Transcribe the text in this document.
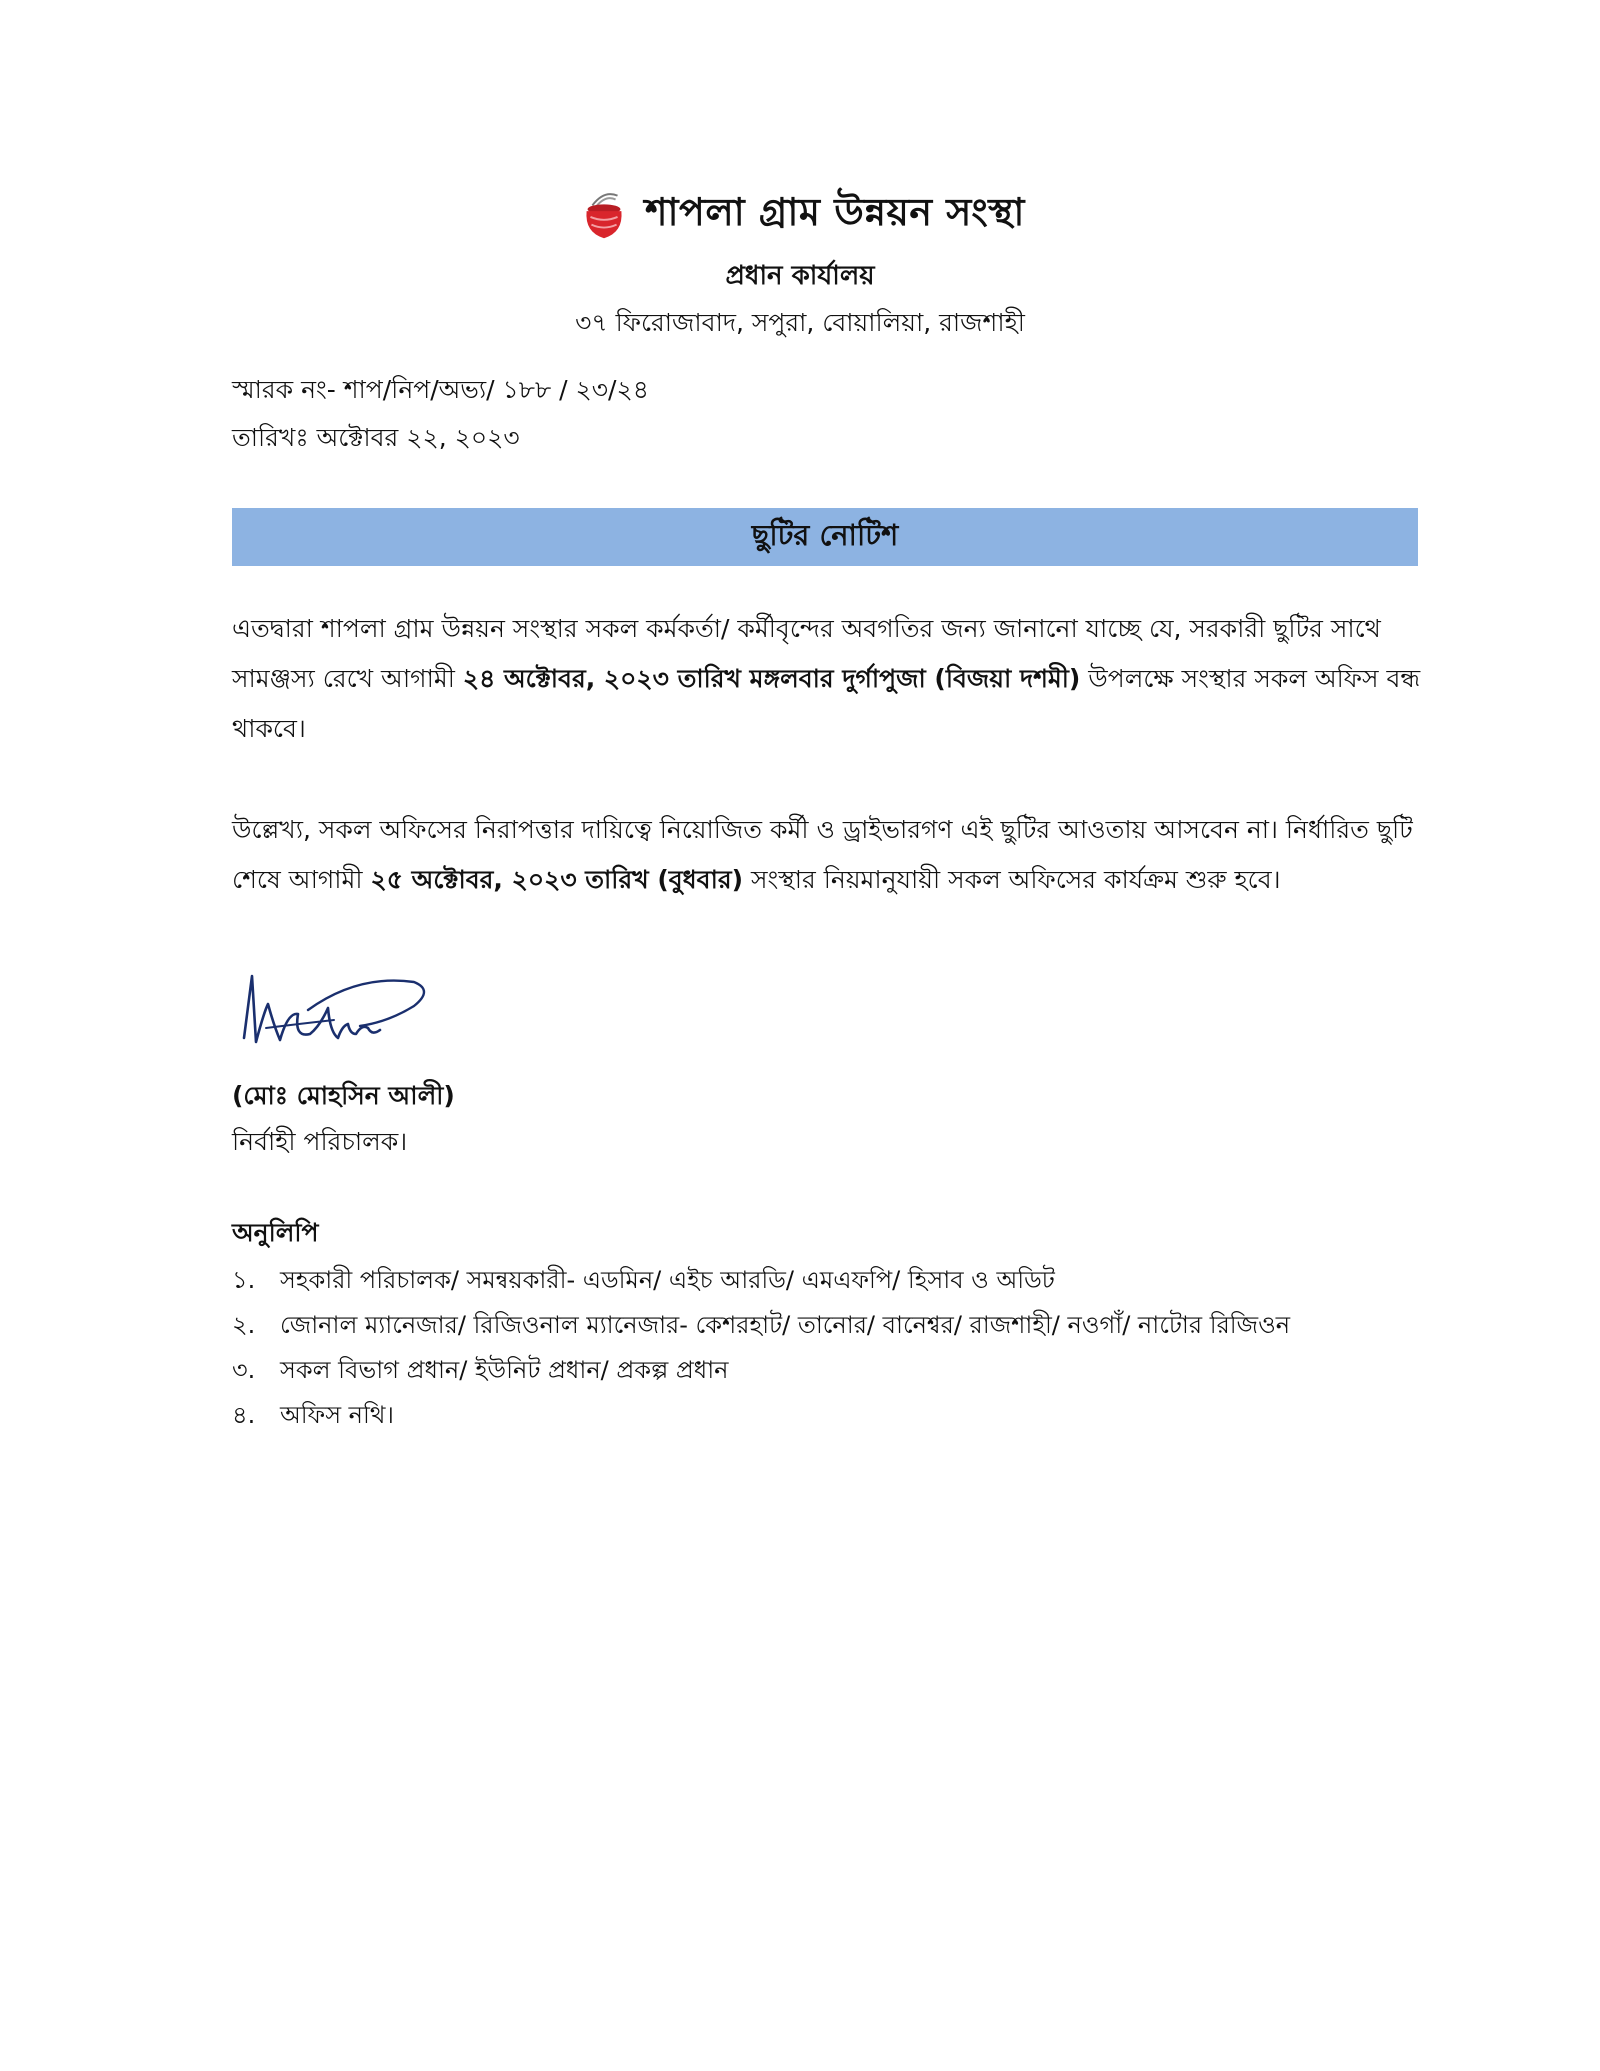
শাপলা গ্রাম উন্নয়ন সংস্থা
প্রধান কার্যালয়
৩৭ ফিরোজাবাদ, সপুরা, বোয়ালিয়া, রাজশাহী
স্মারক নং- শাপ/নিপ/অভ্য/ ১৮৮ / ২৩/২৪
তারিখঃ অক্টোবর ২২, ২০২৩
ছুটির নোটিশ
এতদ্বারা শাপলা গ্রাম উন্নয়ন সংস্থার সকল কর্মকর্তা/ কর্মীবৃন্দের অবগতির জন্য জানানো যাচ্ছে যে, সরকারী ছুটির সাথে সামঞ্জস্য রেখে আগামী ২৪ অক্টোবর, ২০২৩ তারিখ মঙ্গলবার দুর্গাপুজা (বিজয়া দশমী) উপলক্ষে সংস্থার সকল অফিস বন্ধ থাকবে।
উল্লেখ্য, সকল অফিসের নিরাপত্তার দায়িত্বে নিয়োজিত কর্মী ও ড্রাইভারগণ এই ছুটির আওতায় আসবেন না। নির্ধারিত ছুটি শেষে আগামী ২৫ অক্টোবর, ২০২৩ তারিখ (বুধবার) সংস্থার নিয়মানুযায়ী সকল অফিসের কার্যক্রম শুরু হবে।
(মোঃ মোহসিন আলী)
নির্বাহী পরিচালক।
অনুলিপি
১.	সহকারী পরিচালক/ সমন্বয়কারী- এডমিন/ এইচ আরডি/ এমএফপি/ হিসাব ও অডিট
২.	জোনাল ম্যানেজার/ রিজিওনাল ম্যানেজার- কেশরহাট/ তানোর/ বানেশ্বর/ রাজশাহী/ নওগাঁ/ নাটোর রিজিওন
৩.	সকল বিভাগ প্রধান/ ইউনিট প্রধান/ প্রকল্প প্রধান
৪.	অফিস নথি।
